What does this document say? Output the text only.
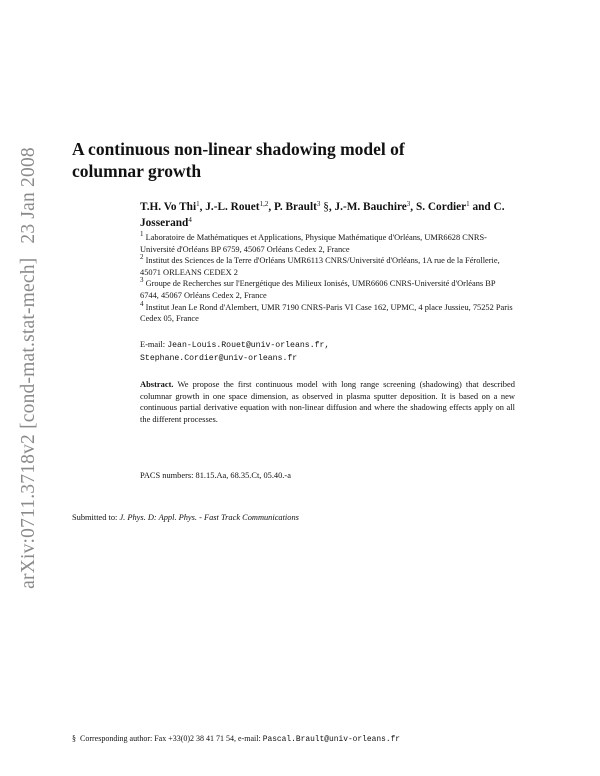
arXiv:0711.3718v2 [cond-mat.stat-mech]23 Jan 2008 A continuous non-linear shadowing model of
columnar growth
T.H. Vo Thi$^1$, J.-L. Rouet$^{1,2}$, P. Brault$^3$ §, J.-M. Bauchire$^3$, S. Cordier$^1$ and C. Josserand$^4$

$^1$ Laboratoire de Mathématiques et Applications, Physique Mathématique d'Orléans, UMR6628 CNRS-Université d'Orléans BP 6759, 45067 Orléans Cedex 2, France

$^2$ Institut des Sciences de la Terre d'Orléans UMR6113 CNRS/Université d'Orléans, 1A rue de la Férollerie, 45071 ORLEANS CEDEX 2

$^3$ Groupe de Recherches sur l'Energétique des Milieux Ionisés, UMR6606 CNRS-Université d'Orléans BP 6744, 45067 Orléans Cedex 2, France

$^4$ Institut Jean Le Rond d'Alembert, UMR 7190 CNRS-Paris VI Case 162, UPMC, 4 place Jussieu, 75252 Paris Cedex 05, France

E-mail: Jean-Louis.Rouet@univ-orleans.fr,
Stephane.Cordier@univ-orleans.fr
Abstract. We propose the first continuous model with long range screening (shadowing) that described columnar growth in one space dimension, as observed in plasma sputter deposition. It is based on a new continuous partial derivative equation with non-linear diffusion and where the shadowing effects apply on all the different processes.
PACS numbers: 81.15.Aa, 68.35.Ct, 05.40.-a
Submitted to: J. Phys. D: Appl. Phys. - Fast Track Communications
§ Corresponding author: Fax +33(0)2 38 41 71 54, e-mail: Pascal.Brault@univ-orleans.fr
